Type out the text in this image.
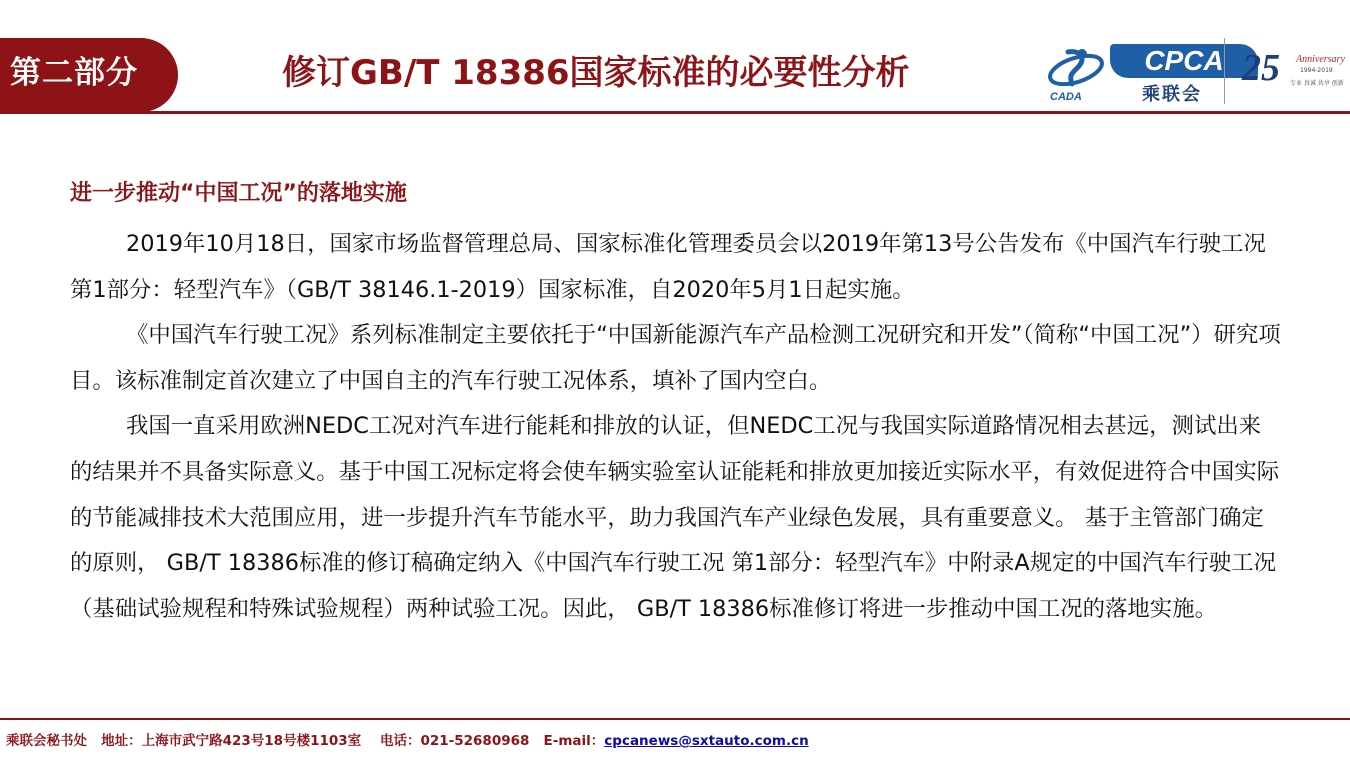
第二部分	修订GB/T 18386国家标准的必要性分析
CADA
CPCA
乘联会
25 Anniversary
1994-2019
专业 真诚 共享 创新
进一步推动“中国工况”的落地实施

2019年10月18日，国家市场监督管理总局、国家标准化管理委员会以2019年第13号公告发布《中国汽车行驶工况 第1部分：轻型汽车》（GB/T 38146.1-2019）国家标准，自2020年5月1日起实施。

《中国汽车行驶工况》系列标准制定主要依托于“中国新能源汽车产品检测工况研究和开发”（简称“中国工况”）研究项目。该标准制定首次建立了中国自主的汽车行驶工况体系，填补了国内空白。

我国一直采用欧洲NEDC工况对汽车进行能耗和排放的认证，但NEDC工况与我国实际道路情况相去甚远，测试出来的结果并不具备实际意义。基于中国工况标定将会使车辆实验室认证能耗和排放更加接近实际水平，有效促进符合中国实际的节能减排技术大范围应用，进一步提升汽车节能水平，助力我国汽车产业绿色发展，具有重要意义。 基于主管部门确定的原则， GB/T 18386标准的修订稿确定纳入《中国汽车行驶工况 第1部分：轻型汽车》中附录A规定的中国汽车行驶工况（基础试验规程和特殊试验规程）两种试验工况。因此， GB/T 18386标准修订将进一步推动中国工况的落地实施。

乘联会秘书处 地址：上海市武宁路423号18号楼1103室 电话：021-52680968 E-mail：cpcanews@sxtauto.com.cn
